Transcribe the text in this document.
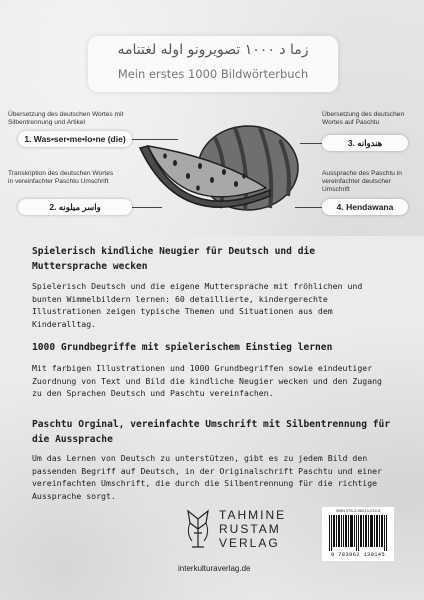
زما د ۱۰۰۰ تصویرونو اوله لغتنامه
Mein erstes 1000 Bildwörterbuch
Übersetzung des deutschen Wortes mit Silbentrennung und Artikel
1. Was•ser•me•lo•ne (die)
Transkription des deutschen Wortes in vereinfachter Paschtu Umschrift
واسر میلونه .2
Übersetzung des deutschen Wortes auf Paschtu
3. هندوانه
Aussprache des Paschtu in vereinfachter deutscher Umschrift
4. Hendawana
Spielerisch kindliche Neugier für Deutsch und die Muttersprache wecken
Spielerisch Deutsch und die eigene Muttersprache mit fröhlichen und bunten Wimmelbildern lernen: 60 detaillierte, kindergerechte Illustrationen zeigen typische Themen und Situationen aus dem Kinderalltag.
1000 Grundbegriffe mit spielerischem Einstieg lernen
Mit farbigen Illustrationen und 1000 Grundbegriffen sowie eindeutiger Zuordnung von Text und Bild die kindliche Neugier wecken und den Zugang zu den Sprachen Deutsch und Paschtu vereinfachen.
Paschtu Orginal, vereinfachte Umschrift mit Silbentrennung für die Aussprache
Um das Lernen von Deutsch zu unterstützen, gibt es zu jedem Bild den passenden Begriff auf Deutsch, in der Originalschrift Paschtu und einer vereinfachten Umschrift, die durch die Silbentrennung für die richtige Aussprache sorgt.
TAHMINE
RUSTAM
VERLAG
interkulturaverlag.de
ISBN 978-3-96213-014-5
9 783962 130145
